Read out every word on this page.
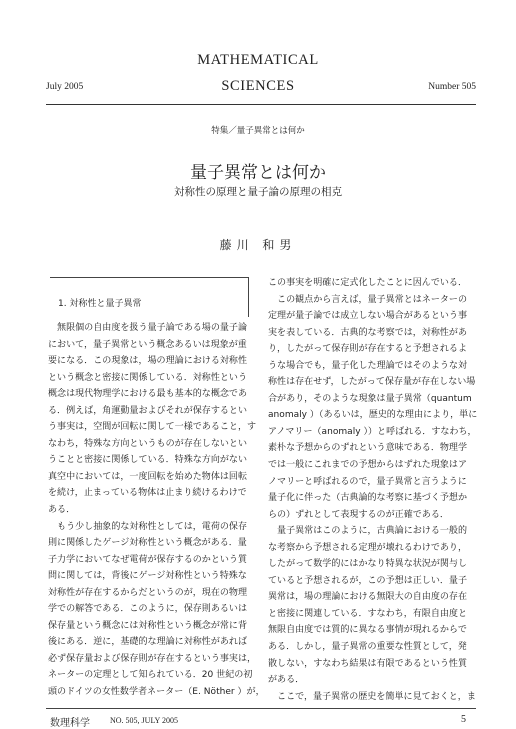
MATHEMATICAL
SCIENCES
July 2005	Number 505
特集／量子異常とは何か
量子異常とは何か
対称性の原理と量子論の原理の相克
藤川 和男
1. 対称性と量子異常
　無限個の自由度を扱う量子論である場の量子論
において，量子異常という概念あるいは現象が重
要になる．この現象は，場の理論における対称性
という概念と密接に関係している．対称性という
概念は現代物理学における最も基本的な概念であ
る．例えば，角運動量およびそれが保存するとい
う事実は，空間が回転に関して一様であること，す
なわち，特殊な方向というものが存在しないとい
うことと密接に関係している．特殊な方向がない
真空中においては，一度回転を始めた物体は回転
を続け，止まっている物体は止まり続けるわけで
ある．
　もう少し抽象的な対称性としては，電荷の保存
則に関係したゲージ対称性という概念がある．量
子力学においてなぜ電荷が保存するのかという質
問に関しては，背後にゲージ対称性という特殊な
対称性が存在するからだというのが，現在の物理
学での解答である．このように，保存則あるいは
保存量という概念には対称性という概念が常に背
後にある．逆に，基礎的な理論に対称性があれば
必ず保存量および保存則が存在するという事実は，
ネーターの定理として知られている．20 世紀の初
頭のドイツの女性数学者ネーター（E. Nöther ）が，
この事実を明確に定式化したことに因んでいる．
　この観点から言えば，量子異常とはネーターの
定理が量子論では成立しない場合があるという事
実を表している．古典的な考察では，対称性があ
り，したがって保存則が存在すると予想されるよ
うな場合でも，量子化した理論ではそのような対
称性は存在せず，したがって保存量が存在しない場
合があり，そのような現象は量子異常（quantum
anomaly ）（あるいは，歴史的な理由により，単に
アノマリー（anomaly ））と呼ばれる．すなわち，
素朴な予想からのずれという意味である．物理学
では一般にこれまでの予想からはずれた現象はア
ノマリーと呼ばれるので，量子異常と言うように
量子化に伴った（古典論的な考察に基づく予想か
らの）ずれとして表現するのが正確である．
　量子異常はこのように，古典論における一般的
な考察から予想される定理が壊れるわけであり，
したがって数学的にはかなり特異な状況が関与し
ていると予想されるが，この予想は正しい．量子
異常は，場の理論における無限大の自由度の存在
と密接に関連している．すなわち，有限自由度と
無限自由度では質的に異なる事情が現れるからで
ある．しかし，量子異常の重要な性質として，発
散しない，すなわち結果は有限であるという性質
がある．
　ここで，量子異常の歴史を簡単に見ておくと，ま
数理科学	NO. 505, JULY 2005	5
